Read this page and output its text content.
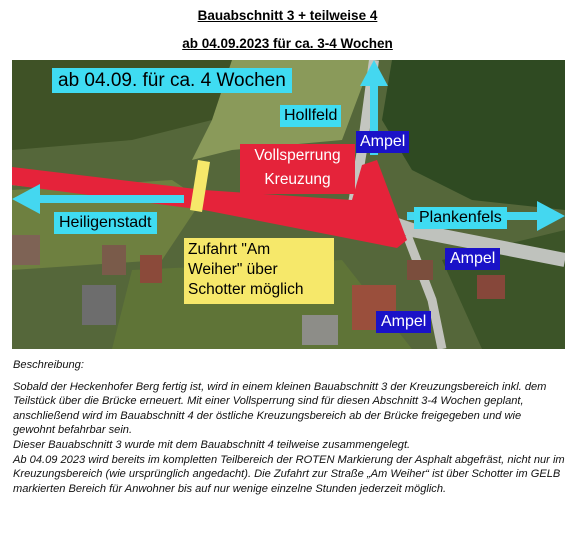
Bauabschnitt 3 + teilweise 4
ab 04.09.2023 für ca. 3-4 Wochen
ab 04.09. für ca. 4 Wochen
Hollfeld
Heiligenstadt	Plankenfels
Ampel
Ampel
Ampel
Vollsperrung
Kreuzung
Zufahrt "Am
Weiher" über
Schotter möglich

Beschreibung:

Sobald der Heckenhofer Berg fertig ist, wird in einem kleinen Bauabschnitt 3 der Kreuzungsbereich inkl. dem Teilstück über die Brücke erneuert. Mit einer Vollsperrung sind für diesen Abschnitt 3-4 Wochen geplant, anschließend wird im Bauabschnitt 4 der östliche Kreuzungsbereich ab der Brücke freigegeben und wie gewohnt befahrbar sein.

Dieser Bauabschnitt 3 wurde mit dem Bauabschnitt 4 teilweise zusammengelegt.

Ab 04.09 2023 wird bereits im kompletten Teilbereich der ROTEN Markierung der Asphalt abgefräst, nicht nur im Kreuzungsbereich (wie ursprünglich angedacht). Die Zufahrt zur Straße „Am Weiher“ ist über Schotter im GELB markierten Bereich für Anwohner bis auf nur wenige einzelne Stunden jederzeit möglich.
